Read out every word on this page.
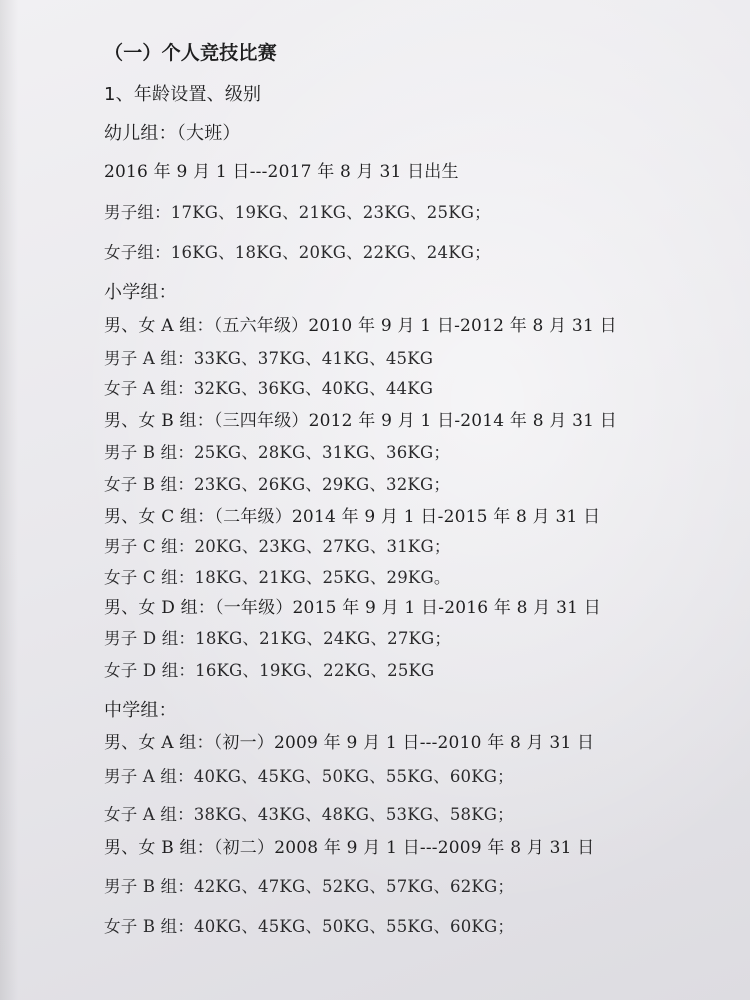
（一）个人竞技比赛
1、年龄设置、级别
幼儿组：（大班）
2016 年 9 月 1 日---2017 年 8 月 31 日出生
男子组：17KG、19KG、21KG、23KG、25KG；
女子组：16KG、18KG、20KG、22KG、24KG；
小学组：
男、女 A 组：（五六年级）2010 年 9 月 1 日-2012 年 8 月 31 日
男子 A 组：33KG、37KG、41KG、45KG
女子 A 组：32KG、36KG、40KG、44KG
男、女 B 组：（三四年级）2012 年 9 月 1 日-2014 年 8 月 31 日
男子 B 组：25KG、28KG、31KG、36KG；
女子 B 组：23KG、26KG、29KG、32KG；
男、女 C 组：（二年级）2014 年 9 月 1 日-2015 年 8 月 31 日
男子 C 组：20KG、23KG、27KG、31KG；
女子 C 组：18KG、21KG、25KG、29KG。
男、女 D 组：（一年级）2015 年 9 月 1 日-2016 年 8 月 31 日
男子 D 组：18KG、21KG、24KG、27KG；
女子 D 组：16KG、19KG、22KG、25KG
中学组：
男、女 A 组：（初一）2009 年 9 月 1 日---2010 年 8 月 31 日
男子 A 组：40KG、45KG、50KG、55KG、60KG；
女子 A 组：38KG、43KG、48KG、53KG、58KG；
男、女 B 组：（初二）2008 年 9 月 1 日---2009 年 8 月 31 日
男子 B 组：42KG、47KG、52KG、57KG、62KG；
女子 B 组：40KG、45KG、50KG、55KG、60KG；
